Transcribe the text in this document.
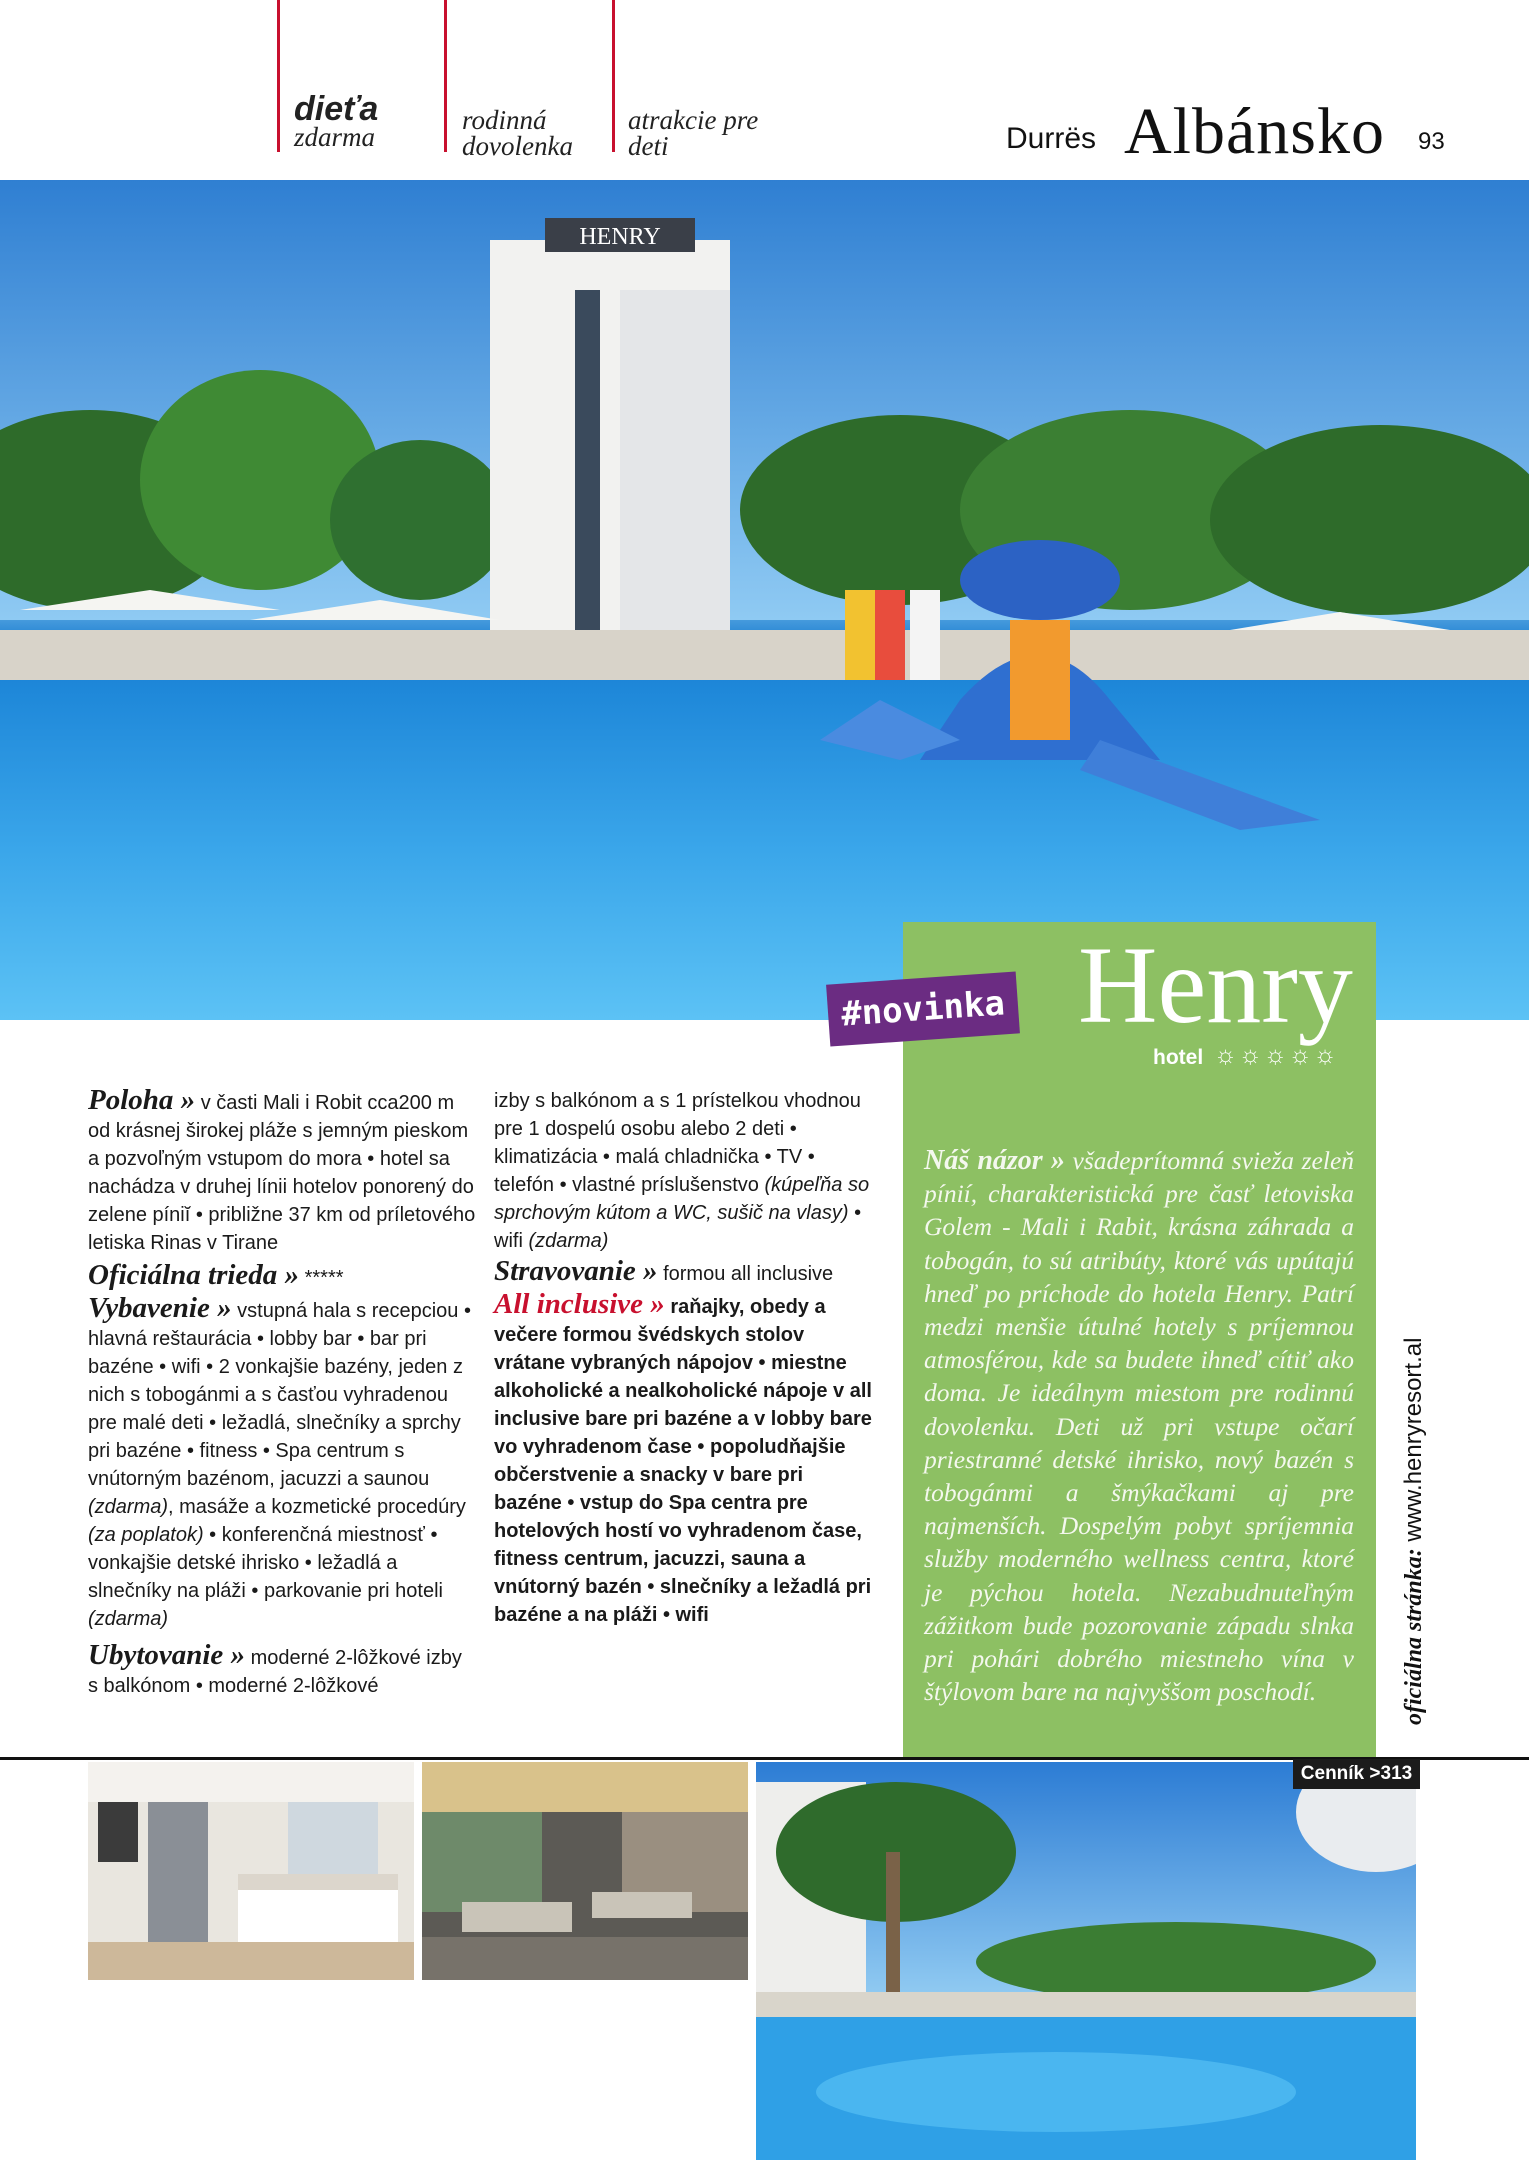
dieťa
zdarma
rodinná
dovolenka
atrakcie pre
deti	Durrës Albánsko 93
HENRY
#novinka Henry
hotel ☼☼☼☼☼

Poloha » v časti Mali i Robit cca200 m od krásnej širokej pláže s jemným pieskom a pozvoľným vstupom do mora • hotel sa nachádza v druhej línii hotelov ponorený do zelene píniĭ • približne 37 km od príletového letiska Rinas v Tirane

Oficiálna trieda » *****

Vybavenie » vstupná hala s recepciou • hlavná reštaurácia • lobby bar • bar pri bazéne • wifi • 2 vonkajšie bazény, jeden z nich s tobogánmi a s časťou vyhradenou pre malé deti • ležadlá, slnečníky a sprchy pri bazéne • fitness • Spa centrum s vnútorným bazénom, jacuzzi a saunou (zdarma), masáže a kozmetické procedúry (za poplatok) • konferenčná miestnosť • vonkajšie detské ihrisko • ležadlá a slnečníky na pláži • parkovanie pri hoteli (zdarma)

Ubytovanie » moderné 2-lôžkové izby s balkónom • moderné 2-lôžkové

izby s balkónom a s 1 prístelkou vhodnou pre 1 dospelú osobu alebo 2 deti • klimatizácia • malá chladnička • TV • telefón • vlastné príslušenstvo (kúpeľňa so sprchovým kútom a WC, sušič na vlasy) • wifi (zdarma)

Stravovanie » formou all inclusive

All inclusive » raňajky, obedy a večere formou švédskych stolov vrátane vybraných nápojov • miestne alkoholické a nealkoholické nápoje v all inclusive bare pri bazéne a v lobby bare vo vyhradenom čase • popoludňajšie občerstvenie a snacky v bare pri bazéne • vstup do Spa centra pre hotelových hostí vo vyhradenom čase, fitness centrum, jacuzzi, sauna a vnútorný bazén • slnečníky a ležadlá pri bazéne a na pláži • wifi

Náš názor » všadeprítomná svieža zeleň pínií, charakteristická pre časť letoviska Golem - Mali i Rabit, krásna záhrada a tobogán, to sú atribúty, ktoré vás upútajú hneď po príchode do hotela Henry. Patrí medzi menšie útulné hotely s príjemnou atmosférou, kde sa budete ihneď cítiť ako doma. Je ideálnym miestom pre rodinnú dovolenku. Deti už pri vstupe očarí priestranné detské ihrisko, nový bazén s tobogánmi a šmýkačkami aj pre najmenších. Dospelým pobyt spríjemnia služby moderného wellness centra, ktoré je pýchou hotela. Nezabudnuteľným zážitkom bude pozorovanie západu slnka pri pohári dobrého miestneho vína v štýlovom bare na najvyššom poschodí.	oficiálna stránka: www.henryresort.al
Cenník >313
